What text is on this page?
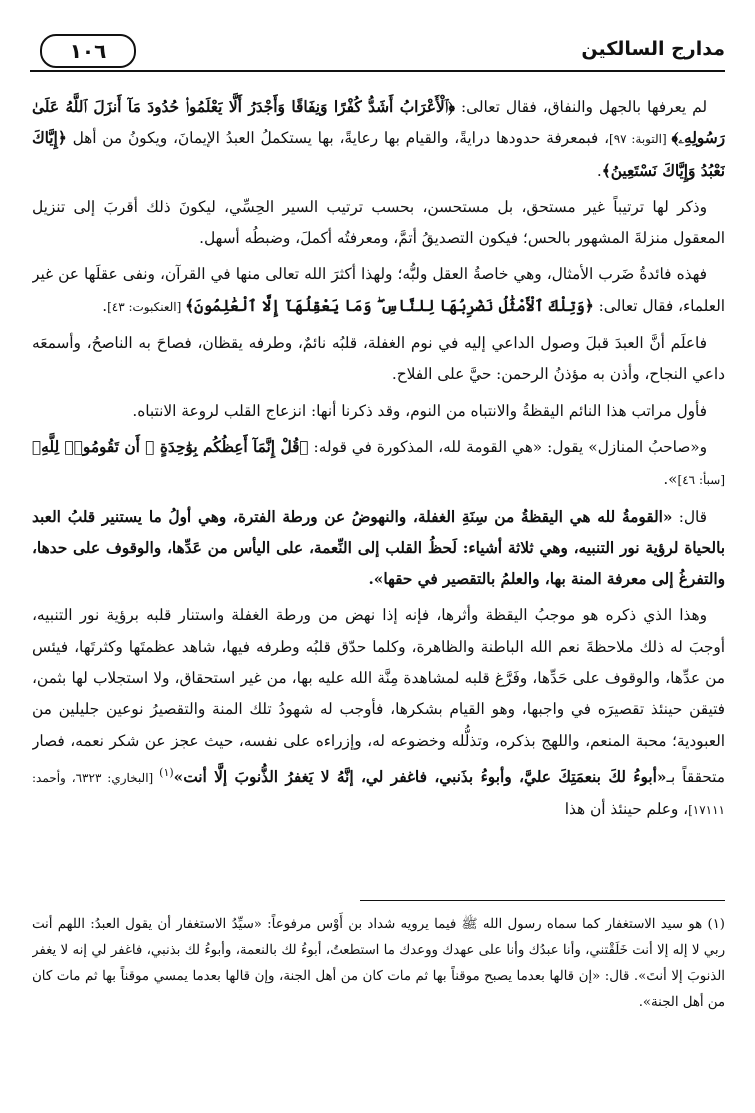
١٠٦	مدارج السالكين

لم يعرفها بالجهل والنفاق، فقال تعالى: ﴿ٱلْأَعْرَابُ أَشَدُّ كُفْرًا وَنِفَاقًا وَأَجْدَرُ أَلَّا يَعْلَمُوا۟ حُدُودَ مَآ أَنزَلَ ٱللَّهُ عَلَىٰ رَسُولِهِۦ﴾ [التوبة: ٩٧]، فبمعرفة حدودها درايةً، والقيام بها رعايةً، بها يستكملُ العبدُ الإيمانَ، ويكونُ من أهل ﴿إِيَّاكَ نَعْبُدُ وَإِيَّاكَ نَسْتَعِينُ﴾.

وذكر لها ترتيباً غير مستحق، بل مستحسن، بحسب ترتيب السير الحِسِّي، ليكونَ ذلك أقربَ إلى تنزيل المعقول منزلةَ المشهور بالحس؛ فيكون التصديقُ أتمَّ، ومعرفتُه أكملَ، وضبطُه أسهل.

فهذه فائدةُ ضَرب الأمثال، وهي خاصةُ العقل ولبُّه؛ ولهذا أكثرَ الله تعالى منها في القرآن، ونفى عقلَها عن غير العلماء، فقال تعالى: ﴿وَتِلْكَ ٱلْأَمْثَٰلُ نَضْرِبُهَا لِلنَّاسِ ۖ وَمَا يَعْقِلُهَآ إِلَّا ٱلْعَٰلِمُونَ﴾ [العنكبوت: ٤٣].

فاعلَم أنَّ العبدَ قبلَ وصول الداعي إليه في نوم الغفلة، قلبُه نائمٌ، وطرفه يقظان، فصاحَ به الناصحُ، وأسمعَه داعي النجاح، وأذن به مؤذنُ الرحمن: حيَّ على الفلاح.

فأول مراتب هذا النائم اليقظةُ والانتباه من النوم، وقد ذكرنا أنها: انزعاج القلب لروعة الانتباه.

و«صاحبُ المنازل» يقول: «هي القومة لله، المذكورة في قوله: ﴿قُلْ إِنَّمَآ أَعِظُكُم بِوَٰحِدَةٍ ۖ أَن تَقُومُوا۟ لِلَّهِ﴾ [سبأ: ٤٦]».

قال: «القومةُ لله هي اليقظةُ من سِنَةِ الغفلة، والنهوضُ عن ورطة الفترة، وهي أولُ ما يستنير قلبُ العبد بالحياة لرؤية نور التنبيه، وهي ثلاثة أشياء: لَحظُ القلب إلى النِّعمة، على اليأس من عَدِّها، والوقوف على حدها، والتفرغُ إلى معرفة المنة بها، والعلمُ بالتقصير في حقها».

وهذا الذي ذكره هو موجبُ اليقظة وأثرها، فإنه إذا نهض من ورطة الغفلة واستنار قلبه برؤية نور التنبيه، أوجبَ له ذلك ملاحظةَ نعم الله الباطنة والظاهرة، وكلما حدّق قلبُه وطرفه فيها، شاهد عظمتَها وكثرتَها، فيئس من عدِّها، والوقوف على حَدِّها، وفَرَّغ قلبه لمشاهدة مِنَّة الله عليه بها، من غير استحقاق، ولا استجلاب لها بثمن، فتيقن حينئذ تقصيرَه في واجبها، وهو القيام بشكرها، فأوجب له شهودُ تلك المنة والتقصيرُ نوعين جليلين من العبودية؛ محبة المنعم، واللهج بذكره، وتذلُّله وخضوعه له، وإزراءه على نفسه، حيث عجز عن شكر نعمه، فصار متحققاً بـ«أبوءُ لكَ بنعمَتِكَ عليَّ، وأبوءُ بذَنبي، فاغفر لي، إنَّهُ لا يَغفرُ الذُّنوبَ إلَّا أنت»$^{(١)}$ [البخاري: ٦٣٢٣، وأحمد: ١٧١١١]، وعلم حينئذ أن هذا

(١) هو سيد الاستغفار كما سماه رسول الله ﷺ فيما يرويه شداد بن أَوْس مرفوعاً: «سيِّدُ الاستغفار أن يقول العبدُ: اللهم أنت ربي لا إله إلا أنت خَلَقْتني، وأنا عبدُك وأنا على عهدك ووعدك ما استطعتُ، أبوءُ لك بالنعمة، وأبوءُ لك بذنبي، فاغفر لي إنه لا يغفر الذنوبَ إلا أنتَ». قال: «إن قالها بعدما يصبح موقناً بها ثم مات كان من أهل الجنة، وإن قالها بعدما يمسي موقناً بها ثم مات كان من أهل الجنة».
